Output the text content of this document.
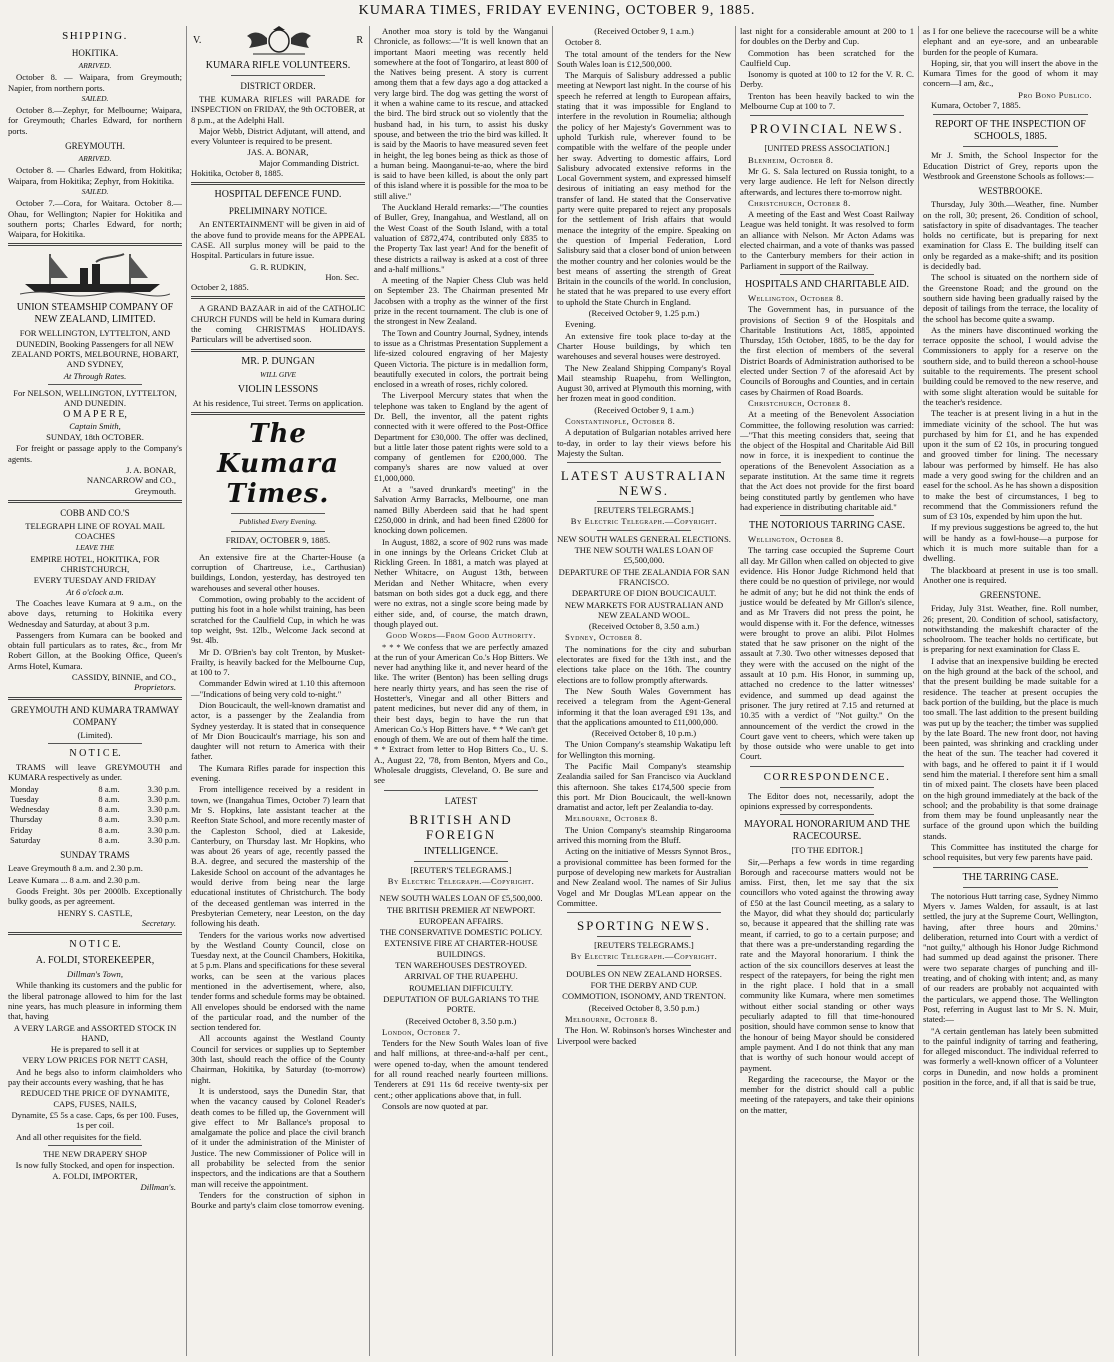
KUMARA TIMES, FRIDAY EVENING, OCTOBER 9, 1885.
SHIPPING.
HOKITIKA.
ARRIVED.

October 8. — Waipara, from Greymouth; Napier, from northern ports.

SAILED.

October 8.—Zephyr, for Melbourne; Waipara, for Greymouth; Charles Edward, for northern ports.

GREYMOUTH.
ARRIVED.

October 8. — Charles Edward, from Hokitika; Waipara, from Hokitika; Zephyr, from Hokitika.

SAILED.

October 7.—Cora, for Waitara. October 8.—Ohau, for Wellington; Napier for Hokitika and southern ports; Charles Edward, for north; Waipara, for Hokitika.

UNION STEAMSHIP COMPANY OF NEW ZEALAND, LIMITED.

FOR WELLINGTON, LYTTELTON, AND DUNEDIN, Booking Passengers for all NEW ZEALAND PORTS, MELBOURNE, HOBART, AND SYDNEY,

At Through Rates.

For NELSON, WELLINGTON, LYTTELTON, AND DUNEDIN.

O M A P E R E,

Captain Smith,

SUNDAY, 18th OCTOBER.

For freight or passage apply to the Company's agents.

J. A. BONAR,
NANCARROW and CO.,
Greymouth.
COBB AND CO.'S

TELEGRAPH LINE OF ROYAL MAIL COACHES

LEAVE THE

EMPIRE HOTEL, HOKITIKA, FOR CHRISTCHURCH,

EVERY TUESDAY AND FRIDAY

At 6 o'clock a.m.

The Coaches leave Kumara at 9 a.m., on the above days, returning to Hokitika every Wednesday and Saturday, at about 3 p.m.

Passengers from Kumara can be booked and obtain full particulars as to rates, &c., from Mr Robert Gillon, at the Booking Office, Queen's Arms Hotel, Kumara.

CASSIDY, BINNIE, and CO.,
Proprietors.
GREYMOUTH AND KUMARA TRAMWAY COMPANY

(Limited).

N O T I C E.

TRAMS will leave GREYMOUTH and KUMARA respectively as under.

Monday	8 a.m.	3.30 p.m.
Tuesday	8 a.m.	3.30 p.m.
Wednesday	8 a.m.	3.30 p.m.
Thursday	8 a.m.	3.30 p.m.
Friday	8 a.m.	3.30 p.m.
Saturday	8 a.m.	3.30 p.m.
SUNDAY TRAMS

Leave Greymouth 8 a.m. and 2.30 p.m.

Leave Kumara ... 8 a.m. and 2.30 p.m.

Goods Freight. 30s per 2000lb. Exceptionally bulky goods, as per agreement.

HENRY S. CASTLE,
Secretary.
N O T I C E.
A. FOLDI, STOREKEEPER,

Dillman's Town,

While thanking its customers and the public for the liberal patronage allowed to him for the last nine years, has much pleasure in informing them that, having

A VERY LARGE and ASSORTED STOCK IN HAND,

He is prepared to sell it at

VERY LOW PRICES FOR NETT CASH,

And he begs also to inform claimholders who pay their accounts every washing, that he has

REDUCED THE PRICE OF DYNAMITE, CAPS, FUSES, NAILS,

Dynamite, £5 5s a case. Caps, 6s per 100. Fuses, 1s per coil.

And all other requisites for the field.

THE NEW DRAPERY SHOP

Is now fully Stocked, and open for inspection.

A. FOLDI, IMPORTER,
Dillman's.
V.	R
KUMARA RIFLE VOLUNTEERS.
DISTRICT ORDER.

THE KUMARA RIFLES will PARADE for INSPECTION on FRIDAY, the 9th OCTOBER, at 8 p.m., at the Adelphi Hall.

Major Webb, District Adjutant, will attend, and every Volunteer is required to be present.

JAS. A. BONAR,
Major Commanding District.

Hokitika, October 8, 1885.

HOSPITAL DEFENCE FUND.
PRELIMINARY NOTICE.

An ENTERTAINMENT will be given in aid of the above fund to provide means for the APPEAL CASE. All surplus money will be paid to the Hospital. Particulars in future issue.

G. R. RUDKIN,
Hon. Sec.

October 2, 1885.

A GRAND BAZAAR in aid of the CATHOLIC CHURCH FUNDS will be held in Kumara during the coming CHRISTMAS HOLIDAYS. Particulars will be advertised soon.

MR. P. DUNGAN
WILL GIVE
VIOLIN LESSONS

At his residence, Tui street. Terms on application.

The Kumara Times.
Published Every Evening.

FRIDAY, OCTOBER 9, 1885.

An extensive fire at the Charter-House (a corruption of Chartreuse, i.e., Carthusian) buildings, London, yesterday, has destroyed ten warehouses and several other houses.

Commotion, owing probably to the accident of putting his foot in a hole whilst training, has been scratched for the Caulfield Cup, in which he was top weight, 9st. 12lb., Welcome Jack second at 9st. 4lb.

Mr D. O'Brien's bay colt Trenton, by Musket-Frailty, is heavily backed for the Melbourne Cup, at 100 to 7.

Commander Edwin wired at 1.10 this afternoon—"Indications of being very cold to-night."

Dion Boucicault, the well-known dramatist and actor, is a passenger by the Zealandia from Sydney yesterday. It is stated that in consequence of Mr Dion Boucicault's marriage, his son and daughter will not return to America with their father.

The Kumara Rifles parade for inspection this evening.

From intelligence received by a resident in town, we (Inangahua Times, October 7) learn that Mr S. Hopkins, late assistant teacher at the Reefton State School, and more recently master of the Capleston School, died at Lakeside, Canterbury, on Thursday last. Mr Hopkins, who was about 26 years of age, recently passed the B.A. degree, and secured the mastership of the Lakeside School on account of the advantages he would derive from being near the large educational institutes of Christchurch. The body of the deceased gentleman was interred in the Presbyterian Cemetery, near Leeston, on the day following his death.

Tenders for the various works now advertised by the Westland County Council, close on Tuesday next, at the Council Chambers, Hokitika, at 5 p.m. Plans and specifications for these several works, can be seen at the various places mentioned in the advertisement, where, also, tender forms and schedule forms may be obtained. All envelopes should be endorsed with the name of the particular road, and the number of the section tendered for.

All accounts against the Westland County Council for services or supplies up to September 30th last, should reach the office of the County Chairman, Hokitika, by Saturday (to-morrow) night.

It is understood, says the Dunedin Star, that when the vacancy caused by Colonel Reader's death comes to be filled up, the Government will give effect to Mr Ballance's proposal to amalgamate the police and place the civil branch of it under the administration of the Minister of Justice. The new Commissioner of Police will in all probability be selected from the senior inspectors, and the indications are that a Southern man will receive the appointment.

Tenders for the construction of siphon in Bourke and party's claim close tomorrow evening.

Another moa story is told by the Wanganui Chronicle, as follows:—"It is well known that an important Maori meeting was recently held somewhere at the foot of Tongariro, at least 800 of the Natives being present. A story is current among them that a few days ago a dog attacked a very large bird. The dog was getting the worst of it when a wahine came to its rescue, and attacked the bird. The bird struck out so violently that the husband had, in his turn, to assist his dusky spouse, and between the trio the bird was killed. It is said by the Maoris to have measured seven feet in height, the leg bones being as thick as those of a human being. Maonganui-te-ao, where the bird is said to have been killed, is about the only part of this island where it is possible for the moa to be still alive."

The Auckland Herald remarks:—"The counties of Buller, Grey, Inangahua, and Westland, all on the West Coast of the South Island, with a total valuation of £872,474, contributed only £835 to the Property Tax last year! And for the benefit of these districts a railway is asked at a cost of three and a-half millions."

A meeting of the Napier Chess Club was held on September 23. The Chairman presented Mr Jacobsen with a trophy as the winner of the first prize in the recent tournament. The club is one of the strongest in New Zealand.

The Town and Country Journal, Sydney, intends to issue as a Christmas Presentation Supplement a life-sized coloured engraving of her Majesty Queen Victoria. The picture is in medallion form, beautifully executed in colors, the portrait being enclosed in a wreath of roses, richly colored.

The Liverpool Mercury states that when the telephone was taken to England by the agent of Dr. Bell, the inventor, all the patent rights connected with it were offered to the Post-Office Department for £30,000. The offer was declined, but a little later those patent rights were sold to a company of gentlemen for £200,000. The company's shares are now valued at over £1,000,000.

At a "saved drunkard's meeting" in the Salvation Army Barracks, Melbourne, one man named Billy Aberdeen said that he had spent £250,000 in drink, and had been fined £2800 for knocking down policemen.

In August, 1882, a score of 902 runs was made in one innings by the Orleans Cricket Club at Rickling Green. In 1881, a match was played at Nether Whitacre, on August 13th, between Meridan and Nether Whitacre, when every batsman on both sides got a duck egg, and there were no extras, not a single score being made by either side, and, of course, the match drawn, though played out.

Good Words—From Good Authority.

* * * We confess that we are perfectly amazed at the run of your American Co.'s Hop Bitters. We never had anything like it, and never heard of the like. The writer (Benton) has been selling drugs here nearly thirty years, and has seen the rise of Hostetter's, Vinegar and all other Bitters and patent medicines, but never did any of them, in their best days, begin to have the run that American Co.'s Hop Bitters have. * * We can't get enough of them. We are out of them half the time. * * Extract from letter to Hop Bitters Co., U. S. A., August 22, '78, from Benton, Myers and Co., Wholesale druggists, Cleveland, O. Be sure and see

LATEST
BRITISH AND FOREIGN
INTELLIGENCE.

[REUTER'S TELEGRAMS.]

By Electric Telegraph.—Copyright.

NEW SOUTH WALES LOAN OF £5,500,000.

THE BRITISH PREMIER AT NEWPORT.

EUROPEAN AFFAIRS.

THE CONSERVATIVE DOMESTIC POLICY.

EXTENSIVE FIRE AT CHARTER-HOUSE BUILDINGS.

TEN WAREHOUSES DESTROYED.

ARRIVAL OF THE RUAPEHU.

ROUMELIAN DIFFICULTY.

DEPUTATION OF BULGARIANS TO THE PORTE.

(Received October 8, 3.50 p.m.)

London, October 7.

Tenders for the New South Wales loan of five and half millions, at three-and-a-half per cent., were opened to-day, when the amount tendered for all round reached nearly fourteen millions. Tenderers at £91 11s 6d receive twenty-six per cent.; other applications above that, in full.

Consols are now quoted at par.

(Received October 9, 1 a.m.)

October 8.

The total amount of the tenders for the New South Wales loan is £12,500,000.

The Marquis of Salisbury addressed a public meeting at Newport last night. In the course of his speech he referred at length to European affairs, stating that it was impossible for England to interfere in the revolution in Roumelia; although the policy of her Majesty's Government was to uphold Turkish rule, wherever found to be compatible with the welfare of the people under her sway. Adverting to domestic affairs, Lord Salisbury advocated extensive reforms in the Local Government system, and expressed himself desirous of initiating an easy method for the transfer of land. He stated that the Conservative party were quite prepared to reject any proposals for the settlement of Irish affairs that would menace the integrity of the empire. Speaking on the question of Imperial Federation, Lord Salisbury said that a closer bond of union between the mother country and her colonies would be the best means of asserting the strength of Great Britain in the councils of the world. In conclusion, he stated that he was prepared to use every effort to uphold the State Church in England.

(Received October 9, 1.25 p.m.)

Evening.

An extensive fire took place to-day at the Charter House buildings, by which ten warehouses and several houses were destroyed.

The New Zealand Shipping Company's Royal Mail steamship Ruapehu, from Wellington, August 30, arrived at Plymouth this morning, with her frozen meat in good condition.

(Received October 9, 1 a.m.)

Constantinople, October 8.

A deputation of Bulgarian notables arrived here to-day, in order to lay their views before his Majesty the Sultan.

LATEST AUSTRALIAN NEWS.

[REUTERS TELEGRAMS.]

By Electric Telegraph.—Copyright.

NEW SOUTH WALES GENERAL ELECTIONS.

THE NEW SOUTH WALES LOAN OF £5,500,000.

DEPARTURE OF THE ZEALANDIA FOR SAN FRANCISCO.

DEPARTURE OF DION BOUCICAULT.

NEW MARKETS FOR AUSTRALIAN AND NEW ZEALAND WOOL.

(Received October 8, 3.50 a.m.)

Sydney, October 8.

The nominations for the city and suburban electorates are fixed for the 13th inst., and the elections take place on the 16th. The country elections are to follow promptly afterwards.

The New South Wales Government has received a telegram from the Agent-General informing it that the loan averaged £91 13s, and that the applications amounted to £11,000,000.

(Received October 8, 10 p.m.)

The Union Company's steamship Wakatipu left for Wellington this morning.

The Pacific Mail Company's steamship Zealandia sailed for San Francisco via Auckland this afternoon. She takes £174,500 specie from this port. Mr Dion Boucicault, the well-known dramatist and actor, left per Zealandia to-day.

Melbourne, October 8.

The Union Company's steamship Ringarooma arrived this morning from the Bluff.

Acting on the initiative of Messrs Synnot Bros., a provisional committee has been formed for the purpose of developing new markets for Australian and New Zealand wool. The names of Sir Julius Vogel and Mr Douglas M'Lean appear on the Committee.

SPORTING NEWS.

[REUTERS TELEGRAMS.]

By Electric Telegraph.—Copyright.

DOUBLES ON NEW ZEALAND HORSES.

FOR THE DERBY AND CUP.

COMMOTION, ISONOMY, AND TRENTON.

(Received October 8, 3.50 p.m.)

Melbourne, October 8.

The Hon. W. Robinson's horses Winchester and Liverpool were backed

last night for a considerable amount at 200 to 1 for doubles on the Derby and Cup.

Commotion has been scratched for the Caulfield Cup.

Isonomy is quoted at 100 to 12 for the V. R. C. Derby.

Trenton has been heavily backed to win the Melbourne Cup at 100 to 7.

PROVINCIAL NEWS.

[UNITED PRESS ASSOCIATION.]

Blenheim, October 8.

Mr G. S. Sala lectured on Russia tonight, to a very large audience. He left for Nelson directly afterwards, and lectures there to-morrow night.

Christchurch, October 8.

A meeting of the East and West Coast Railway League was held tonight. It was resolved to form an alliance with Nelson. Mr Acton Adams was elected chairman, and a vote of thanks was passed to the Canterbury members for their action in Parliament in support of the Railway.

HOSPITALS AND CHARITABLE AID.

Wellington, October 8.

The Government has, in pursuance of the provisions of Section 9 of the Hospitals and Charitable Institutions Act, 1885, appointed Thursday, 15th October, 1885, to be the day for the first election of members of the several District Boards of Administration authorised to be elected under Section 7 of the aforesaid Act by Councils of Boroughs and Counties, and in certain cases by Chairmen of Road Boards.

Christchurch, October 8.

At a meeting of the Benevolent Association Committee, the following resolution was carried:—"That this meeting considers that, seeing that the object of the Hospital and Charitable Aid Bill now in force, it is inexpedient to continue the operations of the Benevolent Association as a separate institution. At the same time it regrets that the Act does not provide for the first board being constituted partly by gentlemen who have had experience in distributing charitable aid."

THE NOTORIOUS TARRING CASE.

Wellington, October 8.

The tarring case occupied the Supreme Court all day. Mr Gillon when called on objected to give evidence. His Honor Judge Richmond held that there could be no question of privilege, nor would he admit of any; but he did not think the ends of justice would be defeated by Mr Gillon's silence, and as Mr Travers did not press the point, he would dispense with it. For the defence, witnesses were brought to prove an alibi. Pilot Holmes stated that he saw prisoner on the night of the assault at 7.30. Two other witnesses deposed that they were with the accused on the night of the assault at 10 p.m. His Honor, in summing up, attached no credence to the latter witnesses' evidence, and summed up dead against the prisoner. The jury retired at 7.15 and returned at 10.35 with a verdict of "Not guilty." On the announcement of the verdict the crowd in the Court gave vent to cheers, which were taken up by those outside who were unable to get into Court.

CORRESPONDENCE.

The Editor does not, necessarily, adopt the opinions expressed by correspondents.

MAYORAL HONORARIUM AND THE RACECOURSE.

[TO THE EDITOR.]

Sir,—Perhaps a few words in time regarding Borough and racecourse matters would not be amiss. First, then, let me say that the six councillors who voted against the throwing away of £50 at the last Council meeting, as a salary to the Mayor, did what they should do; particularly so, because it appeared that the shilling rate was meant, if carried, to go to a certain purpose; and that there was a pre-understanding regarding the rate and the Mayoral honorarium. I think the action of the six councillors deserves at least the respect of the ratepayers, for being the right men in the right place. I hold that in a small community like Kumara, where men sometimes without either social standing or other ways peculiarly adapted to fill that time-honoured position, should have common sense to know that the honour of being Mayor should be considered ample payment. And I do not think that any man that is worthy of such honour would accept of payment.

Regarding the racecourse, the Mayor or the member for the district should call a public meeting of the ratepayers, and take their opinions on the matter,

as I for one believe the racecourse will be a white elephant and an eye-sore, and an unbearable burden for the people of Kumara.

Hoping, sir, that you will insert the above in the Kumara Times for the good of whom it may concern—I am, &c.,

Pro Bono Publico.

Kumara, October 7, 1885.

REPORT OF THE INSPECTION OF SCHOOLS, 1885.

Mr J. Smith, the School Inspector for the Education District of Grey, reports upon the Westbrook and Greenstone Schools as follows:—

WESTBROOKE.

Thursday, July 30th.—Weather, fine. Number on the roll, 30; present, 26. Condition of school, satisfactory in spite of disadvantages. The teacher holds no certificate, but is preparing for next examination for Class E. The building itself can only be regarded as a make-shift; and its position is decidedly bad.

The school is situated on the northern side of the Greenstone Road; and the ground on the southern side having been gradually raised by the deposit of tailings from the terrace, the locality of the school has become quite a swamp.

As the miners have discontinued working the terrace opposite the school, I would advise the Commissioners to apply for a reserve on the southern side, and to build thereon a school-house suitable to the requirements. The present school building could be removed to the new reserve, and with some slight alteration would be suitable for the teacher's residence.

The teacher is at present living in a hut in the immediate vicinity of the school. The hut was purchased by him for £1, and he has expended upon it the sum of £2 10s, in procuring tongued and grooved timber for lining. The necessary labour was performed by himself. He has also made a very good swing for the children and an easel for the school. As he has shown a disposition to make the best of circumstances, I beg to recommend that the Commissioners refund the sum of £3 10s, expended by him upon the hut.

If my previous suggestions be agreed to, the hut will be handy as a fowl-house—a purpose for which it is much more suitable than for a dwelling.

The blackboard at present in use is too small. Another one is required.

GREENSTONE.

Friday, July 31st. Weather, fine. Roll number, 26; present, 20. Condition of school, satisfactory, notwithstanding the makeshift character of the schoolroom. The teacher holds no certificate, but is preparing for next examination for Class E.

I advise that an inexpensive building be erected on the high ground at the back of the school, and that the present building be made suitable for a residence. The teacher at present occupies the back portion of the building, but the place is much too small. The last addition to the present building was put up by the teacher; the timber was supplied by the late Board. The new front door, not having been painted, was shrinking and crackling under the heat of the sun. The teacher had covered it with bags, and he offered to paint it if I would send him the material. I therefore sent him a small tin of mixed paint. The closets have been placed on the high ground immediately at the back of the school; and the probability is that some drainage from them may be found unpleasantly near the surface of the ground upon which the building stands.

This Committee has instituted the charge for school requisites, but very few parents have paid.

THE TARRING CASE.

The notorious Hutt tarring case, Sydney Nimmo Myers v. James Walden, for assault, is at last settled, the jury at the Supreme Court, Wellington, having, after three hours and 20mins.' deliberation, returned into Court with a verdict of "not guilty," although his Honor Judge Richmond had summed up dead against the prisoner. There were two separate charges of punching and ill-treating, and of choking with intent; and, as many of our readers are probably not acquainted with the particulars, we append those. The Wellington Post, referring in August last to Mr S. N. Muir, stated:—

"A certain gentleman has lately been submitted to the painful indignity of tarring and feathering, for alleged misconduct. The individual referred to was formerly a well-known officer of a Volunteer corps in Dunedin, and now holds a prominent position in the force, and, if all that is said be true,
